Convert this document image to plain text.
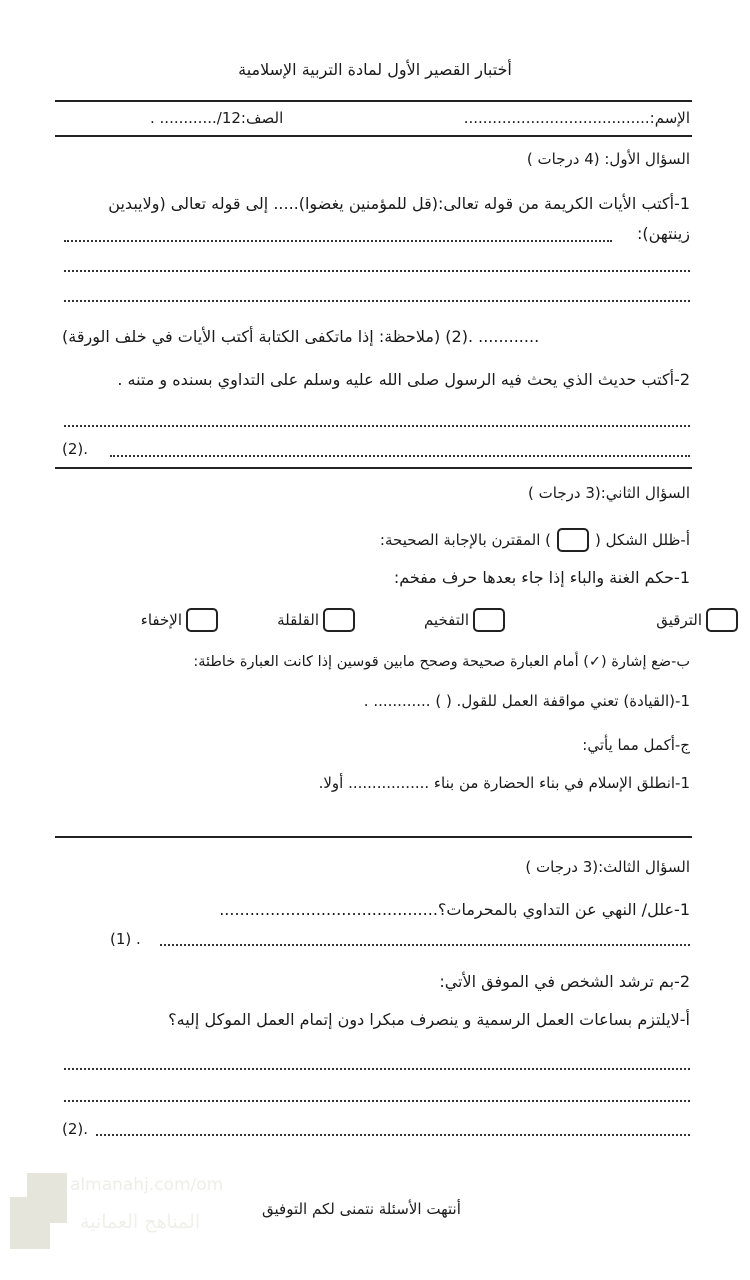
أختبار القصير الأول لمادة التربية الإسلامية
الإسم:.......................................
الصف:12/............ .
السؤال الأول: (4 درجات )
1-أكتب الأيات الكريمة من قوله تعالى:(قل للمؤمنين يغضوا)..... إلى قوله تعالى (ولايبدين
زينتهن):
............ .(2) (ملاحظة: إذا ماتكفى الكتابة أكتب الأيات في خلف الورقة)
2-أكتب حديث الذي يحث فيه الرسول صلى الله عليه وسلم على التداوي بسنده و متنه .
(2).
السؤال الثاني:(3 درجات )
أ-ظلل الشكل (
) المقترن بالإجابة الصحيحة:
1-حكم الغنة والباء إذا جاء بعدها حرف مفخم:
الترقيق
التفخيم
القلقلة
الإخفاء
ب-ضع إشارة (✓) أمام العبارة صحيحة وصحح مابين قوسين إذا كانت العبارة خاطئة:
1-(القيادة) تعني مواقفة العمل للقول. ( ) ............ .
ج-أكمل مما يأتي:
1-انطلق الإسلام في بناء الحضارة من بناء ................. أولا.
السؤال الثالث:(3 درجات )
1-علل/ النهي عن التداوي بالمحرمات؟...........................................
(1) .
2-بم ترشد الشخص في الموفق الأتي:
أ-لايلتزم بساعات العمل الرسمية و ينصرف مبكرا دون إتمام العمل الموكل إليه؟
(2).
أنتهت الأسئلة نتمنى لكم التوفيق
almanahj.com/om
المناهج العمانية
